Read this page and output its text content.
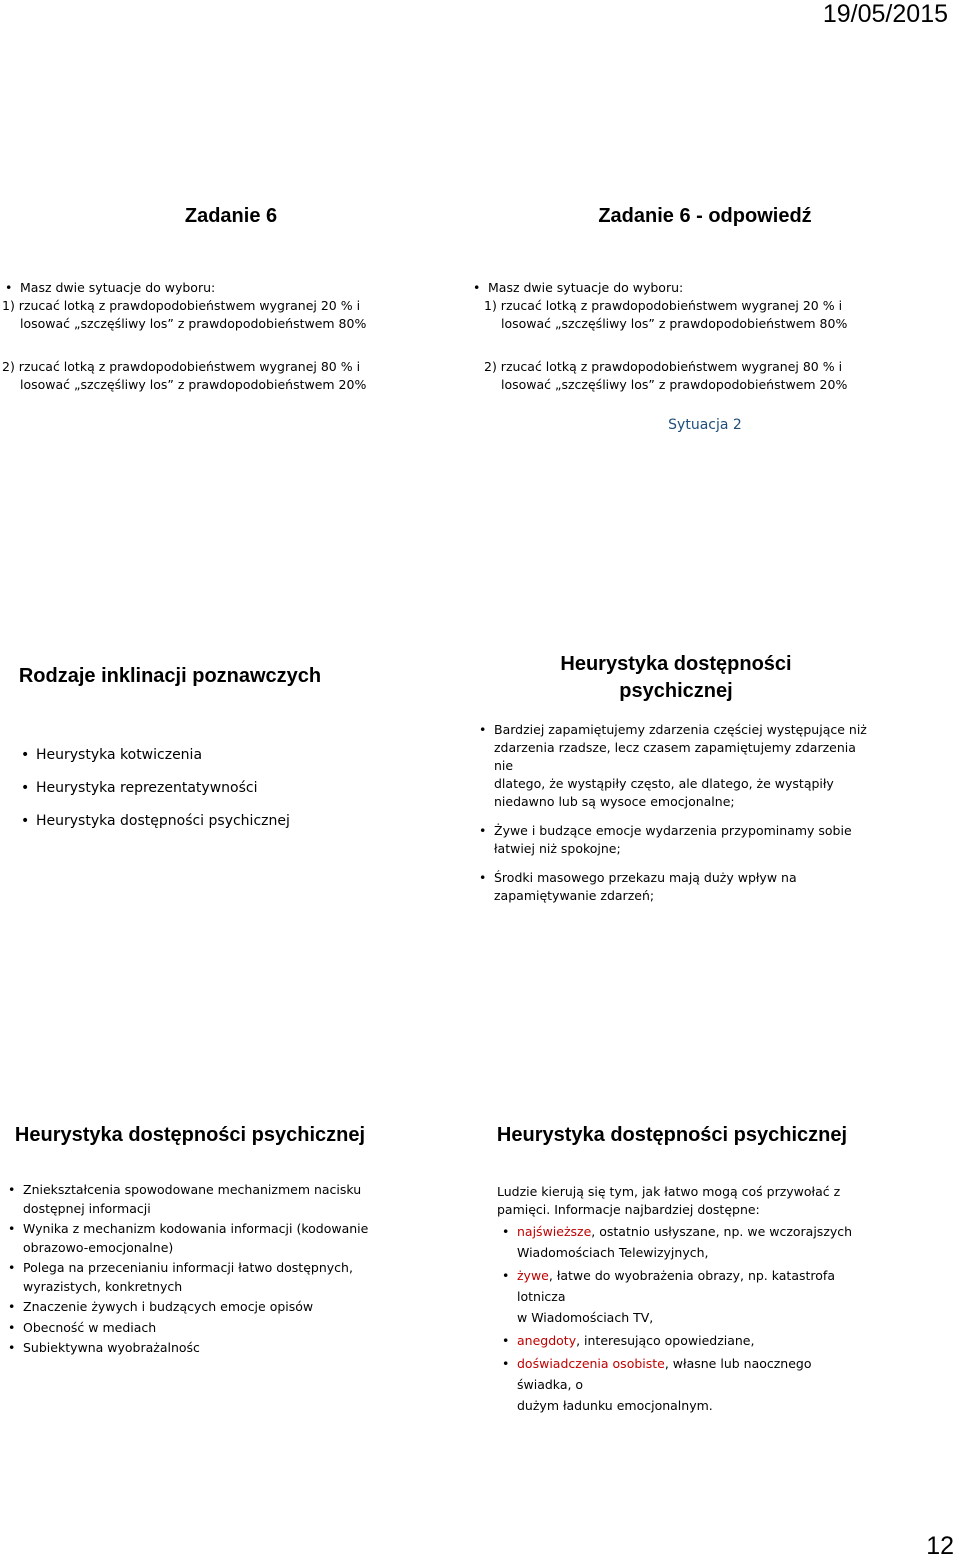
19/05/2015
Zadanie 6
• Masz dwie sytuacje do wyboru:

1) rzucać lotką z prawdopodobieństwem wygranej 20 % i

losować „szczęśliwy los” z prawdopodobieństwem 80%

2) rzucać lotką z prawdopodobieństwem wygranej 80 % i

losować „szczęśliwy los” z prawdopodobieństwem 20%

Zadanie 6 - odpowiedź
• Masz dwie sytuacje do wyboru:

1) rzucać lotką z prawdopodobieństwem wygranej 20 % i

losować „szczęśliwy los” z prawdopodobieństwem 80%

2) rzucać lotką z prawdopodobieństwem wygranej 80 % i

losować „szczęśliwy los” z prawdopodobieństwem 20%

Sytuacja 2

Rodzaje inklinacji poznawczych
• Heurystyka kotwiczenia
• Heurystyka reprezentatywności
• Heurystyka dostępności psychicznej
Heurystyka dostępności
psychicznej
• Bardziej zapamiętujemy zdarzenia częściej występujące niż
zdarzenia rzadsze, lecz czasem zapamiętujemy zdarzenia nie
dlatego, że wystąpiły często, ale dlatego, że wystąpiły
niedawno lub są wysoce emocjonalne;
• Żywe i budzące emocje wydarzenia przypominamy sobie
łatwiej niż spokojne;
• Środki masowego przekazu mają duży wpływ na
zapamiętywanie zdarzeń;
Heurystyka dostępności psychicznej
• Zniekształcenia spowodowane mechanizmem nacisku
dostępnej informacji
• Wynika z mechanizm kodowania informacji (kodowanie
obrazowo-emocjonalne)
• Polega na przecenianiu informacji łatwo dostępnych,
wyrazistych, konkretnych
• Znaczenie żywych i budzących emocje opisów
• Obecność w mediach
• Subiektywna wyobrażalnośc
Heurystyka dostępności psychicznej

Ludzie kierują się tym, jak łatwo mogą coś przywołać z

pamięci. Informacje najbardziej dostępne:

• najświeższe, ostatnio usłyszane, np. we wczorajszych
Wiadomościach Telewizyjnych,
• żywe, łatwe do wyobrażenia obrazy, np. katastrofa lotnicza
w Wiadomościach TV,
• anegdoty, interesująco opowiedziane,
• doświadczenia osobiste, własne lub naocznego świadka, o
dużym ładunku emocjonalnym.
12
